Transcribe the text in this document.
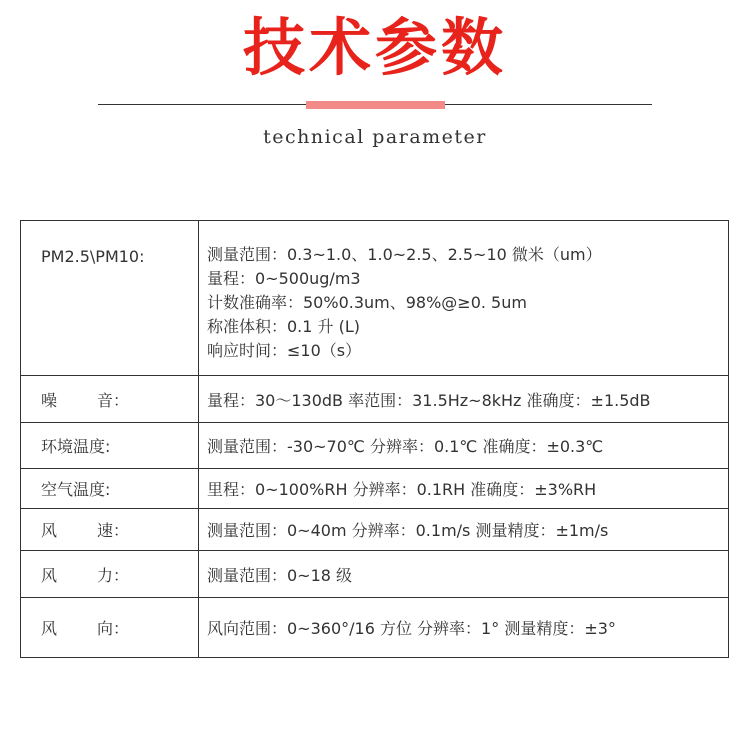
技术参数
technical parameter
PM2.5\PM10:	测量范围：0.3~1.0、1.0~2.5、2.5~10 微米（um）
量程：0~500ug/m3
计数准确率：50%0.3um、98%@≥0. 5um
称准体积：0.1 升 (L)
响应时间：≤10（s）

噪 音：	量程：30〜130dB 率范围：31.5Hz~8kHz 准确度：±1.5dB
环境温度:	测量范围：-30~70℃ 分辨率：0.1℃ 准确度：±0.3℃
空气温度:	里程：0~100%RH 分辨率：0.1RH 准确度：±3%RH
风 速：	测量范围：0~40m 分辨率：0.1m/s 测量精度：±1m/s
风 力：	测量范围：0~18 级
风 向：	风向范围：0~360°/16 方位 分辨率：1° 测量精度：±3°
